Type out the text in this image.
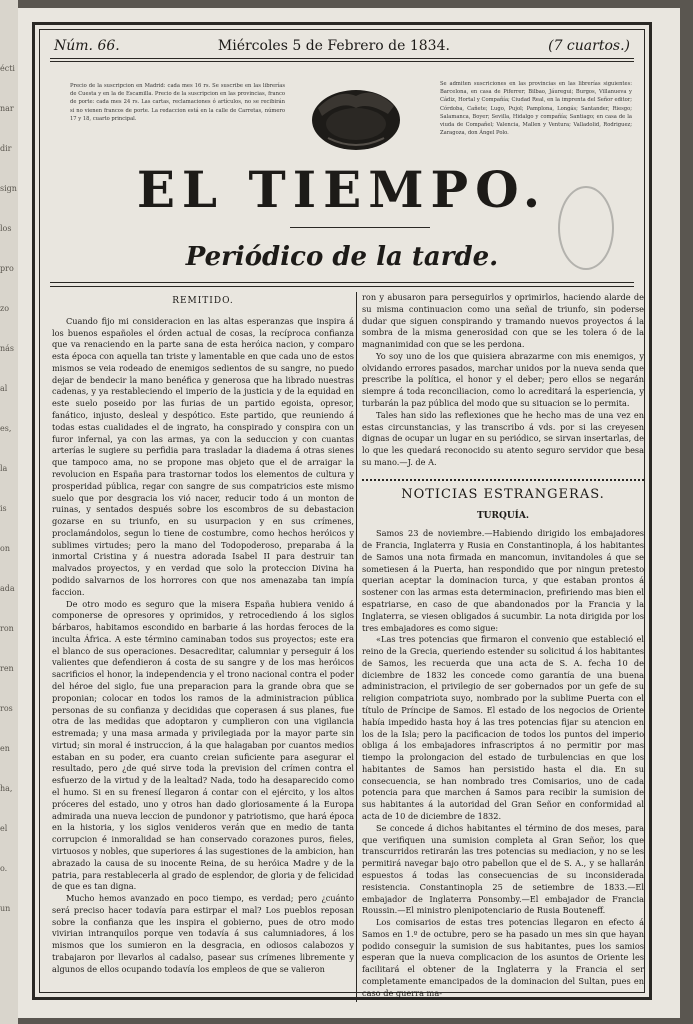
écti
nar
dir
sign
los
pro
zo
nás
al
es,
la
is
on
ada
ron
ren
ros
en
ha,
el
o.
un
Núm. 66.	Miércoles 5 de Febrero de 1834.	(7 cuartos.)
Precio de la suscripcion en Madrid: cada mes 16 rs. Se suscribe en las librerías de Cuesta y en la de Escamilla. Precio de la suscripcion en las provincias, franco de porte: cada mes 24 rs. Las cartas, reclamaciones ó artículos, no se recibirán si no vienen francos de porte. La redaccion está en la calle de Carretas, número 17 y 18, cuarto principal.
Se admiten suscriciones en las provincias en las librerías siguientes: Barcelona, en casa de Piferrer; Bilbao, Jáuregui; Burgos, Villanueva y Cádiz, Hortal y Compañía; Ciudad Real, en la imprenta del Señor editor; Córdoba, Cañete; Lugo, Pujol; Pamplona, Longás; Santander, Riesgo; Salamanca, Boyer; Sevilla, Hidalgo y compañía; Santiago; en casa de la viuda de Compañel; Valencia, Mallen y Ventura; Valladolid, Rodriguez; Zaragoza, don Ángel Polo.
EL TIEMPO.
Periódico de la tarde.

REMITIDO.

Cuando fijo mi consideracion en las altas esperanzas que inspira á los buenos españoles el órden actual de cosas, la recíproca confianza que va renaciendo en la parte sana de esta heróica nacion, y comparo esta época con aquella tan triste y lamentable en que cada uno de estos mismos se veia rodeado de enemigos sedientos de su sangre, no puedo dejar de bendecir la mano benéfica y generosa que ha librado nuestras cadenas, y ya restableciendo el imperio de la justicia y de la equidad en este suelo poseido por las furias de un partido egoista, opresor, fanático, injusto, desleal y despótico. Este partido, que reuniendo á todas estas cualidades el de ingrato, ha conspirado y conspira con un furor infernal, ya con las armas, ya con la seduccion y con cuantas arterías le sugiere su perfidia para trasladar la diadema á otras sienes que tampoco ama, no se propone mas objeto que el de arraigar la revolucion en España para trastornar todos los elementos de cultura y prosperidad pública, regar con sangre de sus compatricios este mismo suelo que por desgracia los vió nacer, reducir todo á un monton de ruinas, y sentados después sobre los escombros de su debastacion gozarse en su triunfo, en su usurpacion y en sus crímenes, proclamándolos, segun lo tiene de costumbre, como hechos heróicos y sublimes virtudes; pero la mano del Todopoderoso, preparaba á la inmortal Cristina y á nuestra adorada Isabel II para destruir tan malvados proyectos, y en verdad que solo la proteccion Divina ha podido salvarnos de los horrores con que nos amenazaba tan impía faccion.

De otro modo es seguro que la misera España hubiera venido á componerse de opresores y oprimidos, y retrocediendo á los siglos bárbaros, habitamos escondido en barbarie á las hordas feroces de la inculta África. A este término caminaban todos sus proyectos; este era el blanco de sus operaciones. Desacreditar, calumniar y perseguir á los valientes que defendieron á costa de su sangre y de los mas heróicos sacrificios el honor, la independencia y el trono nacional contra el poder del héroe del siglo, fue una preparacion para la grande obra que se proponian; colocar en todos los ramos de la administracion pública personas de su confianza y decididas que coperasen á sus planes, fue otra de las medidas que adoptaron y cumplieron con una vigilancia estremada; y una masa armada y privilegiada por la mayor parte sin virtud; sin moral é instruccion, á la que halagaban por cuantos medios estaban en su poder, era cuanto creian suficiente para asegurar el resultado, pero ¿de qué sirve toda la prevision del crímen contra el esfuerzo de la virtud y de la lealtad? Nada, todo ha desaparecido como el humo. Si en su frenesí llegaron á contar con el ejército, y los altos próceres del estado, uno y otros han dado gloriosamente á la Europa admirada una nueva leccion de pundonor y patriotismo, que hará época en la historia, y los siglos venideros verán que en medio de tanta corrupcion é inmoralidad se han conservado corazones puros, fieles, virtuosos y nobles, que superiores á las sugestiones de la ambicion, han abrazado la causa de su inocente Reina, de su heróica Madre y de la patria, para restablecerla al grado de esplendor, de gloria y de felicidad de que es tan digna.

Mucho hemos avanzado en poco tiempo, es verdad; pero ¿cuánto será preciso hacer todavía para estirpar el mal? Los pueblos reposan sobre la confianza que les inspira el gobierno, pues de otro modo vivirian intranquilos porque ven todavía á sus calumniadores, á los mismos que los sumieron en la desgracia, en odiosos calabozos y trabajaron por llevarlos al cadalso, pasear sus crímenes libremente y algunos de ellos ocupando todavía los empleos de que se valieron

ron y abusaron para perseguirlos y oprimirlos, haciendo alarde de su misma continuacion como una señal de triunfo, sin poderse dudar que siguen conspirando y tramando nuevos proyectos á la sombra de la misma generosidad con que se les tolera ó de la magnanimidad con que se les perdona.

Yo soy uno de los que quisiera abrazarme con mis enemigos, y olvidando errores pasados, marchar unidos por la nueva senda que prescribe la política, el honor y el deber; pero ellos se negarán siempre á toda reconciliacion, como lo acreditará la esperiencia, y turbarán la paz pública del modo que su situacion se lo permita.

Tales han sido las reflexiones que he hecho mas de una vez en estas circunstancias, y las transcribo á vds. por si las creyesen dignas de ocupar un lugar en su periódico, se sirvan insertarlas, de lo que les quedará reconocido su atento seguro servidor que besa su mano.—J. de A.

NOTICIAS ESTRANGERAS.

TURQUÍA.

Samos 23 de noviembre.—Habiendo dirigido los embajadores de Francia, Inglaterra y Rusia en Constantinopla, á los habitantes de Samos una nota firmada en mancomun, invitandoles á que se sometiesen á la Puerta, han respondido que por ningun pretesto querian aceptar la dominacion turca, y que estaban prontos á sostener con las armas esta determinacion, prefiriendo mas bien el espatriarse, en caso de que abandonados por la Francia y la Inglaterra, se viesen obligados á sucumbir. La nota dirigida por los tres embajadores es como sigue:

«Las tres potencias que firmaron el convenio que estableció el reino de la Grecia, queriendo estender su solicitud á los habitantes de Samos, les recuerda que una acta de S. A. fecha 10 de diciembre de 1832 les concede como garantía de una buena administracion, el privilegio de ser gobernados por un gefe de su religion compatriota suyo, nombrado por la sublime Puerta con el título de Príncipe de Samos. El estado de los negocios de Oriente había impedido hasta hoy á las tres potencias fijar su atencion en los de la Isla; pero la pacificacion de todos los puntos del imperio obliga á los embajadores infrascriptos á no permitir por mas tiempo la prolongacion del estado de turbulencias en que los habitantes de Samos han persistido hasta el dia. En su consecuencia, se han nombrado tres Comisarios, uno de cada potencia para que marchen á Samos para recibir la sumision de sus habitantes á la autoridad del Gran Señor en conformidad al acta de 10 de diciembre de 1832.

Se concede á dichos habitantes el término de dos meses, para que verifiquen una sumision completa al Gran Señor, los que transcurridos retirarán las tres potencias su mediacion, y no se les permitirá navegar bajo otro pabellon que el de S. A., y se hallarán espuestos á todas las consecuencias de su inconsiderada resistencia. Constantinopla 25 de setiembre de 1833.—El embajador de Inglaterra Ponsomby.—El embajador de Francia Roussin.—El ministro plenipotenciario de Rusia Bouteneff.

Los comisarios de estas tres potencias llegaron en efecto á Samos en 1.º de octubre, pero se ha pasado un mes sin que hayan podido conseguir la sumision de sus habitantes, pues los samios esperan que la nueva complicacion de los asuntos de Oriente les facilitará el obtener de la Inglaterra y la Francia el ser completamente emancipados de la dominacion del Sultan, pues en caso de guerra ma-
